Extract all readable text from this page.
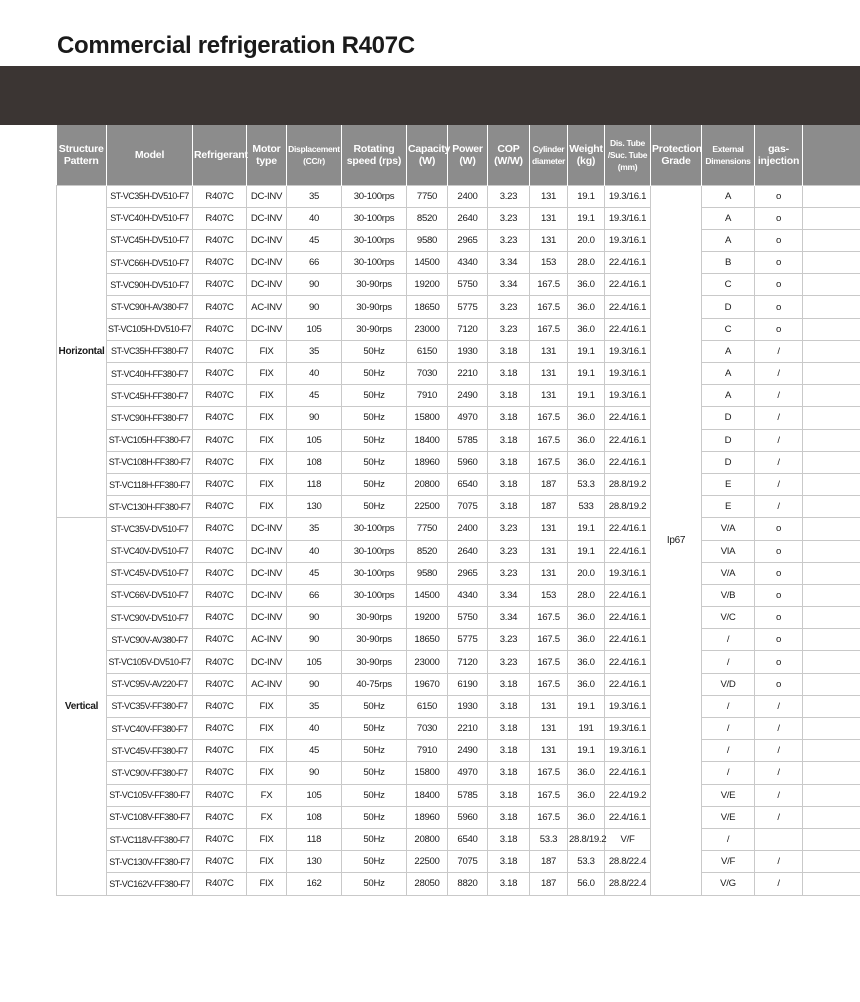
Commercial refrigeration R407C
Structure Pattern	Model	Refrigerant	Motor type	Displacement (CC/r)	Rotating speed (rps)	Capacity (W)	Power (W)	COP (W/W)	Cylinder diameter	Weight (kg)	Dis. Tube /Suc. Tube (mm)	Protection Grade	External Dimensions	gas-injection	
Horizontal	ST-VC35H-DV510-F7	R407C	DC-INV	35	30-100rps	7750	2400	3.23	131	19.1	19.3/16.1	Ip67	A	o	
	ST-VC40H-DV510-F7	R407C	DC-INV	40	30-100rps	8520	2640	3.23	131	19.1	19.3/16.1		A	o	
	ST-VC45H-DV510-F7	R407C	DC-INV	45	30-100rps	9580	2965	3.23	131	20.0	19.3/16.1		A	o	
	ST-VC66H-DV510-F7	R407C	DC-INV	66	30-100rps	14500	4340	3.34	153	28.0	22.4/16.1		B	o	
	ST-VC90H-DV510-F7	R407C	DC-INV	90	30-90rps	19200	5750	3.34	167.5	36.0	22.4/16.1		C	o	
	ST-VC90H-AV380-F7	R407C	AC-INV	90	30-90rps	18650	5775	3.23	167.5	36.0	22.4/16.1		D	o	
	ST-VC105H-DV510-F7	R407C	DC-INV	105	30-90rps	23000	7120	3.23	167.5	36.0	22.4/16.1		C	o	
	ST-VC35H-FF380-F7	R407C	FIX	35	50Hz	6150	1930	3.18	131	19.1	19.3/16.1		A	/	
	ST-VC40H-FF380-F7	R407C	FIX	40	50Hz	7030	2210	3.18	131	19.1	19.3/16.1		A	/	
	ST-VC45H-FF380-F7	R407C	FIX	45	50Hz	7910	2490	3.18	131	19.1	19.3/16.1		A	/	
	ST-VC90H-FF380-F7	R407C	FIX	90	50Hz	15800	4970	3.18	167.5	36.0	22.4/16.1		D	/	
	ST-VC105H-FF380-F7	R407C	FIX	105	50Hz	18400	5785	3.18	167.5	36.0	22.4/16.1		D	/	
	ST-VC108H-FF380-F7	R407C	FIX	108	50Hz	18960	5960	3.18	167.5	36.0	22.4/16.1		D	/	
	ST-VC118H-FF380-F7	R407C	FIX	118	50Hz	20800	6540	3.18	187	53.3	28.8/19.2		E	/	
	ST-VC130H-FF380-F7	R407C	FIX	130	50Hz	22500	7075	3.18	187	533	28.8/19.2		E	/	
Vertical	ST-VC35V-DV510-F7	R407C	DC-INV	35	30-100rps	7750	2400	3.23	131	19.1	22.4/16.1		V/A	o	
	ST-VC40V-DV510-F7	R407C	DC-INV	40	30-100rps	8520	2640	3.23	131	19.1	22.4/16.1		VIA	o	
	ST-VC45V-DV510-F7	R407C	DC-INV	45	30-100rps	9580	2965	3.23	131	20.0	19.3/16.1		V/A	o	
	ST-VC66V-DV510-F7	R407C	DC-INV	66	30-100rps	14500	4340	3.34	153	28.0	22.4/16.1		V/B	o	
	ST-VC90V-DV510-F7	R407C	DC-INV	90	30-90rps	19200	5750	3.34	167.5	36.0	22.4/16.1		V/C	o	
	ST-VC90V-AV380-F7	R407C	AC-INV	90	30-90rps	18650	5775	3.23	167.5	36.0	22.4/16.1		/	o	
	ST-VC105V-DV510-F7	R407C	DC-INV	105	30-90rps	23000	7120	3.23	167.5	36.0	22.4/16.1		/	o	
	ST-VC95V-AV220-F7	R407C	AC-INV	90	40-75rps	19670	6190	3.18	167.5	36.0	22.4/16.1		V/D	o	
	ST-VC35V-FF380-F7	R407C	FIX	35	50Hz	6150	1930	3.18	131	19.1	19.3/16.1		/	/	
	ST-VC40V-FF380-F7	R407C	FIX	40	50Hz	7030	2210	3.18	131	191	19.3/16.1		/	/	
	ST-VC45V-FF380-F7	R407C	FIX	45	50Hz	7910	2490	3.18	131	19.1	19.3/16.1		/	/	
	ST-VC90V-FF380-F7	R407C	FIX	90	50Hz	15800	4970	3.18	167.5	36.0	22.4/16.1		/	/	
	ST-VC105V-FF380-F7	R407C	FX	105	50Hz	18400	5785	3.18	167.5	36.0	22.4/19.2		V/E	/	
	ST-VC108V-FF380-F7	R407C	FX	108	50Hz	18960	5960	3.18	167.5	36.0	22.4/16.1		V/E	/	
	ST-VC118V-FF380-F7	R407C	FIX	118	50Hz	20800	6540	3.18	53.3	28.8/19.2	V/F		/		
	ST-VC130V-FF380-F7	R407C	FIX	130	50Hz	22500	7075	3.18	187	53.3	28.8/22.4		V/F	/	
	ST-VC162V-FF380-F7	R407C	FIX	162	50Hz	28050	8820	3.18	187	56.0	28.8/22.4		V/G	/	
